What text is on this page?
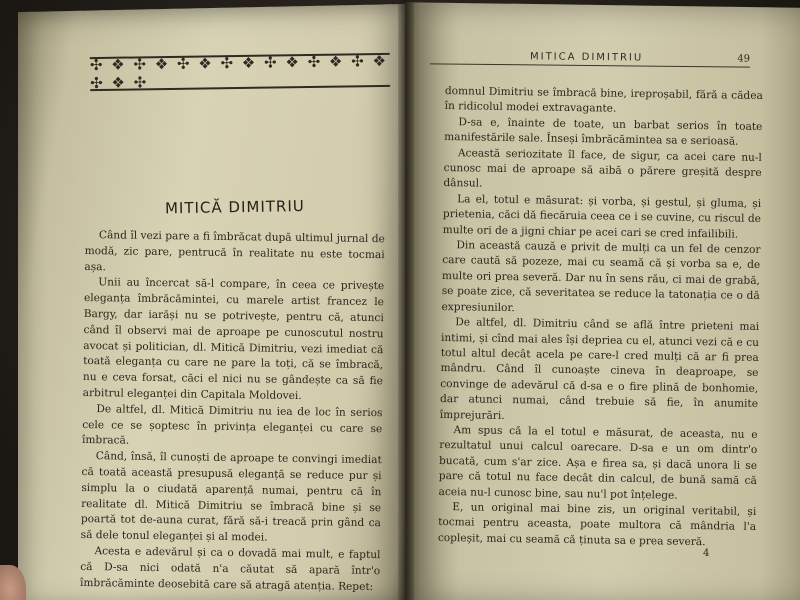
✣ ❖ ✣ ❖ ✣ ❖ ✣ ❖ ✣ ❖ ✣ ❖ ✣ ❖ ✣ ❖ ✣
MITICĂ DIMITRIU

Când îl vezi pare a fi îmbrăcat după ultimul jurnal de modă, zic pare, pentrucă în realitate nu este tocmai așa.

Unii au încercat să-l compare, în ceea ce privește eleganța îmbrăcămintei, cu marele artist francez le Bargy, dar iarăși nu se potrivește, pentru că, atunci când îl observi mai de aproape pe cunoscutul nostru avocat și politician, dl. Mitică Dimitriu, vezi imediat că toată eleganța cu care ne pare la toți, că se îmbracă, nu e ceva forsat, căci el nici nu se gândește ca să fie arbitrul eleganței din Capitala Moldovei.

De altfel, dl. Mitică Dimitriu nu iea de loc în serios cele ce se șoptesc în privința eleganței cu care se îmbracă.

Când, însă, îl cunoști de aproape te convingi imediat că toată această presupusă eleganță se reduce pur și simplu la o ciudată aparență numai, pentru că în realitate dl. Mitică Dimitriu se îmbracă bine și se poartă tot de-auna curat, fără să-i treacă prin gând ca să dele tonul eleganței și al modei.

Acesta e adevărul și ca o dovadă mai mult, e faptul că D-sa nici odată n'a căutat să apară într'o îmbrăcăminte deosebită care să atragă atenția. Repet:

MITICA DIMITRIU	49

domnul Dimitriu se îmbracă bine, ireproșabil, fără a cădea în ridicolul modei extravagante.

D-sa e, înainte de toate, un barbat serios în toate manifestările sale. Înseși îmbrăcămintea sa e serioasă.

Această seriozitate îl face, de sigur, ca acei care nu-l cunosc mai de aproape să aibă o părere greșită despre dânsul.

La el, totul e măsurat: și vorba, și gestul, și gluma, și prietenia, căci dă fiecăruia ceea ce i se cuvine, cu riscul de multe ori de a jigni chiar pe acei cari se cred infailibili.

Din această cauză e privit de mulți ca un fel de cenzor care caută să pozeze, mai cu seamă că și vorba sa e, de multe ori prea severă. Dar nu în sens rău, ci mai de grabă, se poate zice, că severitatea se reduce la tatonația ce o dă expresiunilor.

De altfel, dl. Dimitriu când se află între prieteni mai intimi, și cînd mai ales își depriea cu el, atunci vezi că e cu totul altul decât acela pe care-l cred mulți că ar fi prea mândru. Când îl cunoaște cineva în deaproape, se convinge de adevărul că d-sa e o fire plină de bonhomie, dar atunci numai, când trebuie să fie, în anumite împrejurări.

Am spus că la el totul e măsurat, de aceasta, nu e rezultatul unui calcul oarecare. D-sa e un om dintr'o bucată, cum s'ar zice. Așa e firea sa, și dacă unora li se pare că totul nu face decât din calcul, de bună samă că aceia nu-l cunosc bine, sau nu'l pot înțelege.

E, un original mai bine zis, un original veritabil, și tocmai pentru aceasta, poate multora că mândria l'a copleșit, mai cu seamă că ținuta sa e prea severă.

4
